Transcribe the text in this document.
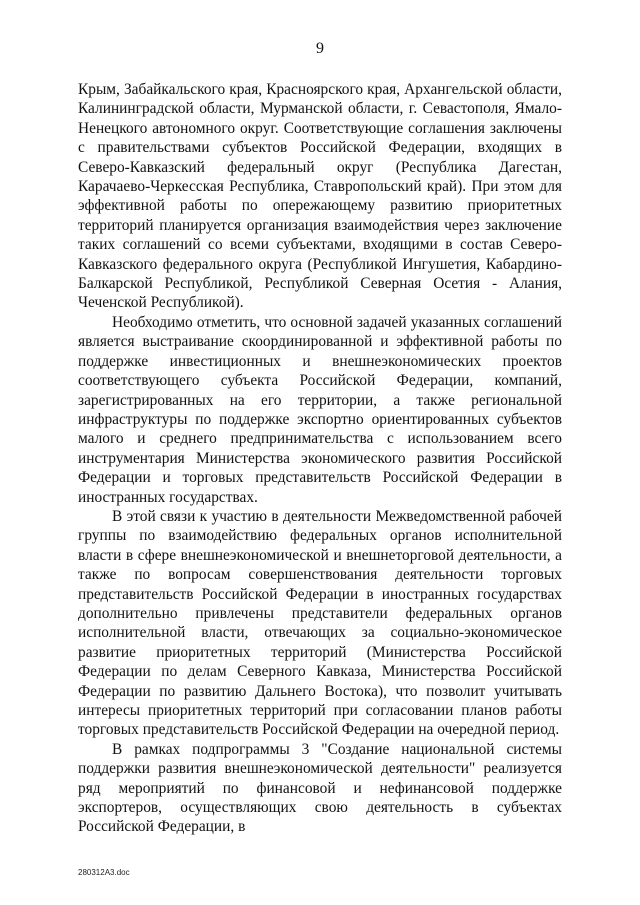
9

Крым, Забайкальского края, Красноярского края, Архангельской области, Калининградской области, Мурманской области, г. Севастополя, Ямало-Ненецкого автономного округ. Соответствующие соглашения заключены с правительствами субъектов Российской Федерации, входящих в Северо-Кавказский федеральный округ (Республика Дагестан, Карачаево-Черкесская Республика, Ставропольский край). При этом для эффективной работы по опережающему развитию приоритетных территорий планируется организация взаимодействия через заключение таких соглашений со всеми субъектами, входящими в состав Северо-Кавказского федерального округа (Республикой Ингушетия, Кабардино-Балкарской Республикой, Республикой Северная Осетия - Алания, Чеченской Республикой).

Необходимо отметить, что основной задачей указанных соглашений является выстраивание скоординированной и эффективной работы по поддержке инвестиционных и внешнеэкономических проектов соответствующего субъекта Российской Федерации, компаний, зарегистрированных на его территории, а также региональной инфраструктуры по поддержке экспортно ориентированных субъектов малого и среднего предпринимательства с использованием всего инструментария Министерства экономического развития Российской Федерации и торговых представительств Российской Федерации в иностранных государствах.

В этой связи к участию в деятельности Межведомственной рабочей группы по взаимодействию федеральных органов исполнительной власти в сфере внешнеэкономической и внешнеторговой деятельности, а также по вопросам совершенствования деятельности торговых представительств Российской Федерации в иностранных государствах дополнительно привлечены представители федеральных органов исполнительной власти, отвечающих за социально-экономическое развитие приоритетных территорий (Министерства Российской Федерации по делам Северного Кавказа, Министерства Российской Федерации по развитию Дальнего Востока), что позволит учитывать интересы приоритетных территорий при согласовании планов работы торговых представительств Российской Федерации на очередной период.

В рамках подпрограммы 3 "Создание национальной системы поддержки развития внешнеэкономической деятельности" реализуется ряд мероприятий по финансовой и нефинансовой поддержке экспортеров, осуществляющих свою деятельность в субъектах Российской Федерации, в

280312A3.doc
